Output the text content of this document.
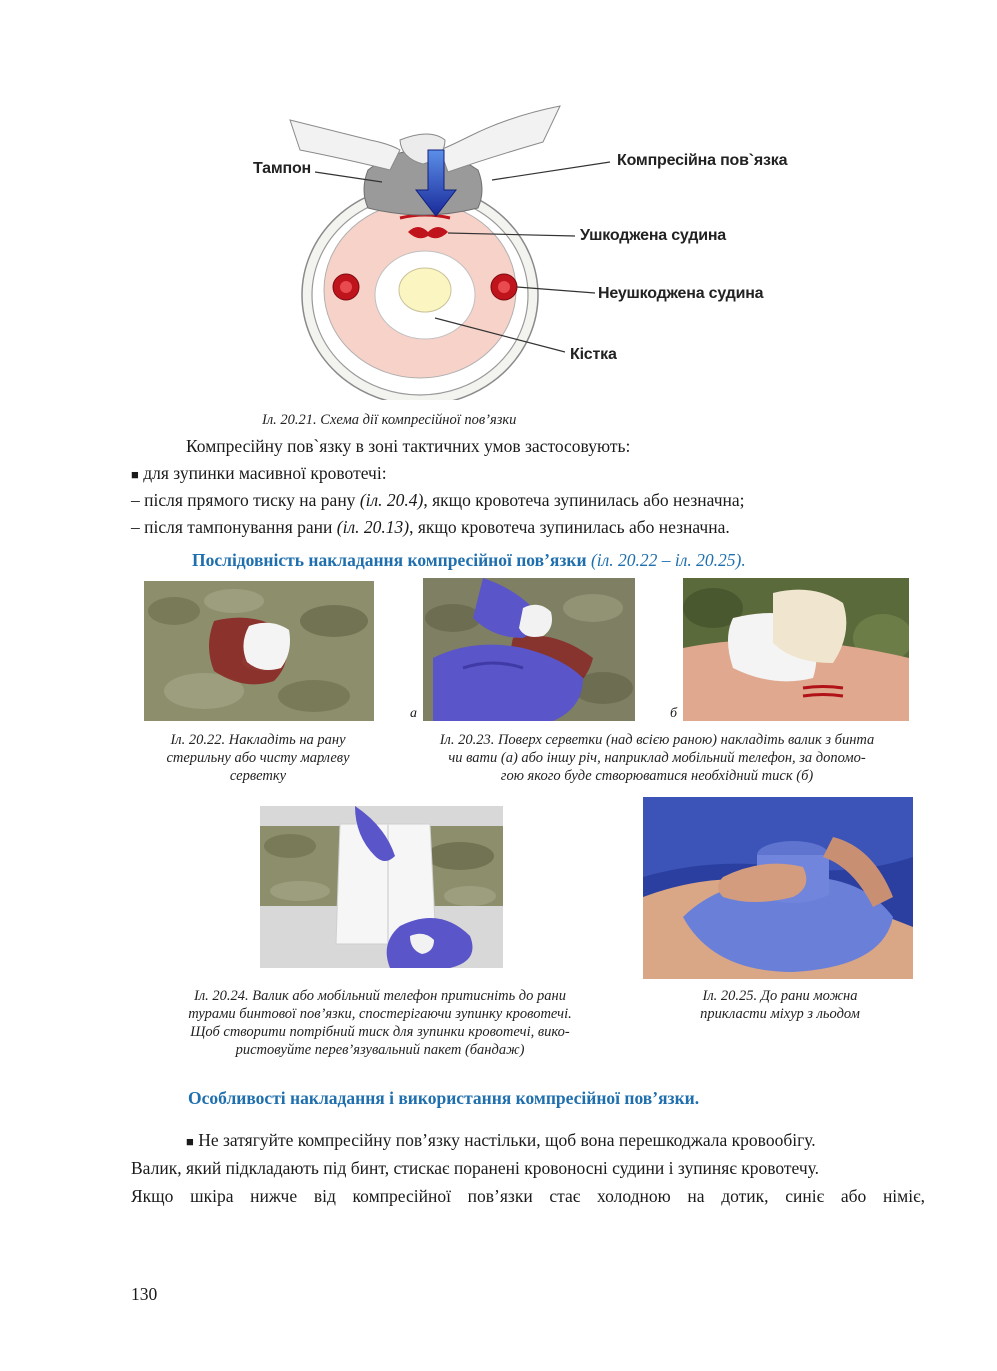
Тампон	Компресійна пов`язка
Ушкоджена судина
Неушкоджена судина
Кістка
Іл. 20.21. Схема дії компресійної пов’язки
Компресійну пов`язку в зоні тактичних умов застосовують:
■ для зупинки масивної кровотечі:
– після прямого тиску на рану (іл. 20.4), якщо кровотеча зупинилась або незначна;
– після тампонування рани (іл. 20.13), якщо кровотеча зупинилась або незначна.
Послідовність накладання компресійної пов’язки (іл. 20.22 – іл. 20.25).
а	б
Іл. 20.22. Накладіть на рану
стерильну або чисту марлеву
серветку
Іл. 20.23. Поверх серветки (над всією раною) накладіть валик з бинта
чи вати (а) або іншу річ, наприклад мобільний телефон, за допомо-
гою якого буде створюватися необхідний тиск (б)
Іл. 20.24. Валик або мобільний телефон притисніть до рани
турами бинтової пов’язки, спостерігаючи зупинку кровотечі.
Щоб створити потрібний тиск для зупинки кровотечі, вико-
ристовуйте перев’язувальний пакет (бандаж)
Іл. 20.25. До рани можна
прикласти міхур з льодом
Особливості накладання і використання компресійної пов’язки.
■ Не затягуйте компресійну пов’язку настільки, щоб вона перешкоджала кровообігу.
Валик, який підкладають під бинт, стискає поранені кровоносні судини і зупиняє кровотечу.
Якщо шкіра нижче від компресійної пов’язки стає холодною на дотик, синіє або німіє,
130
